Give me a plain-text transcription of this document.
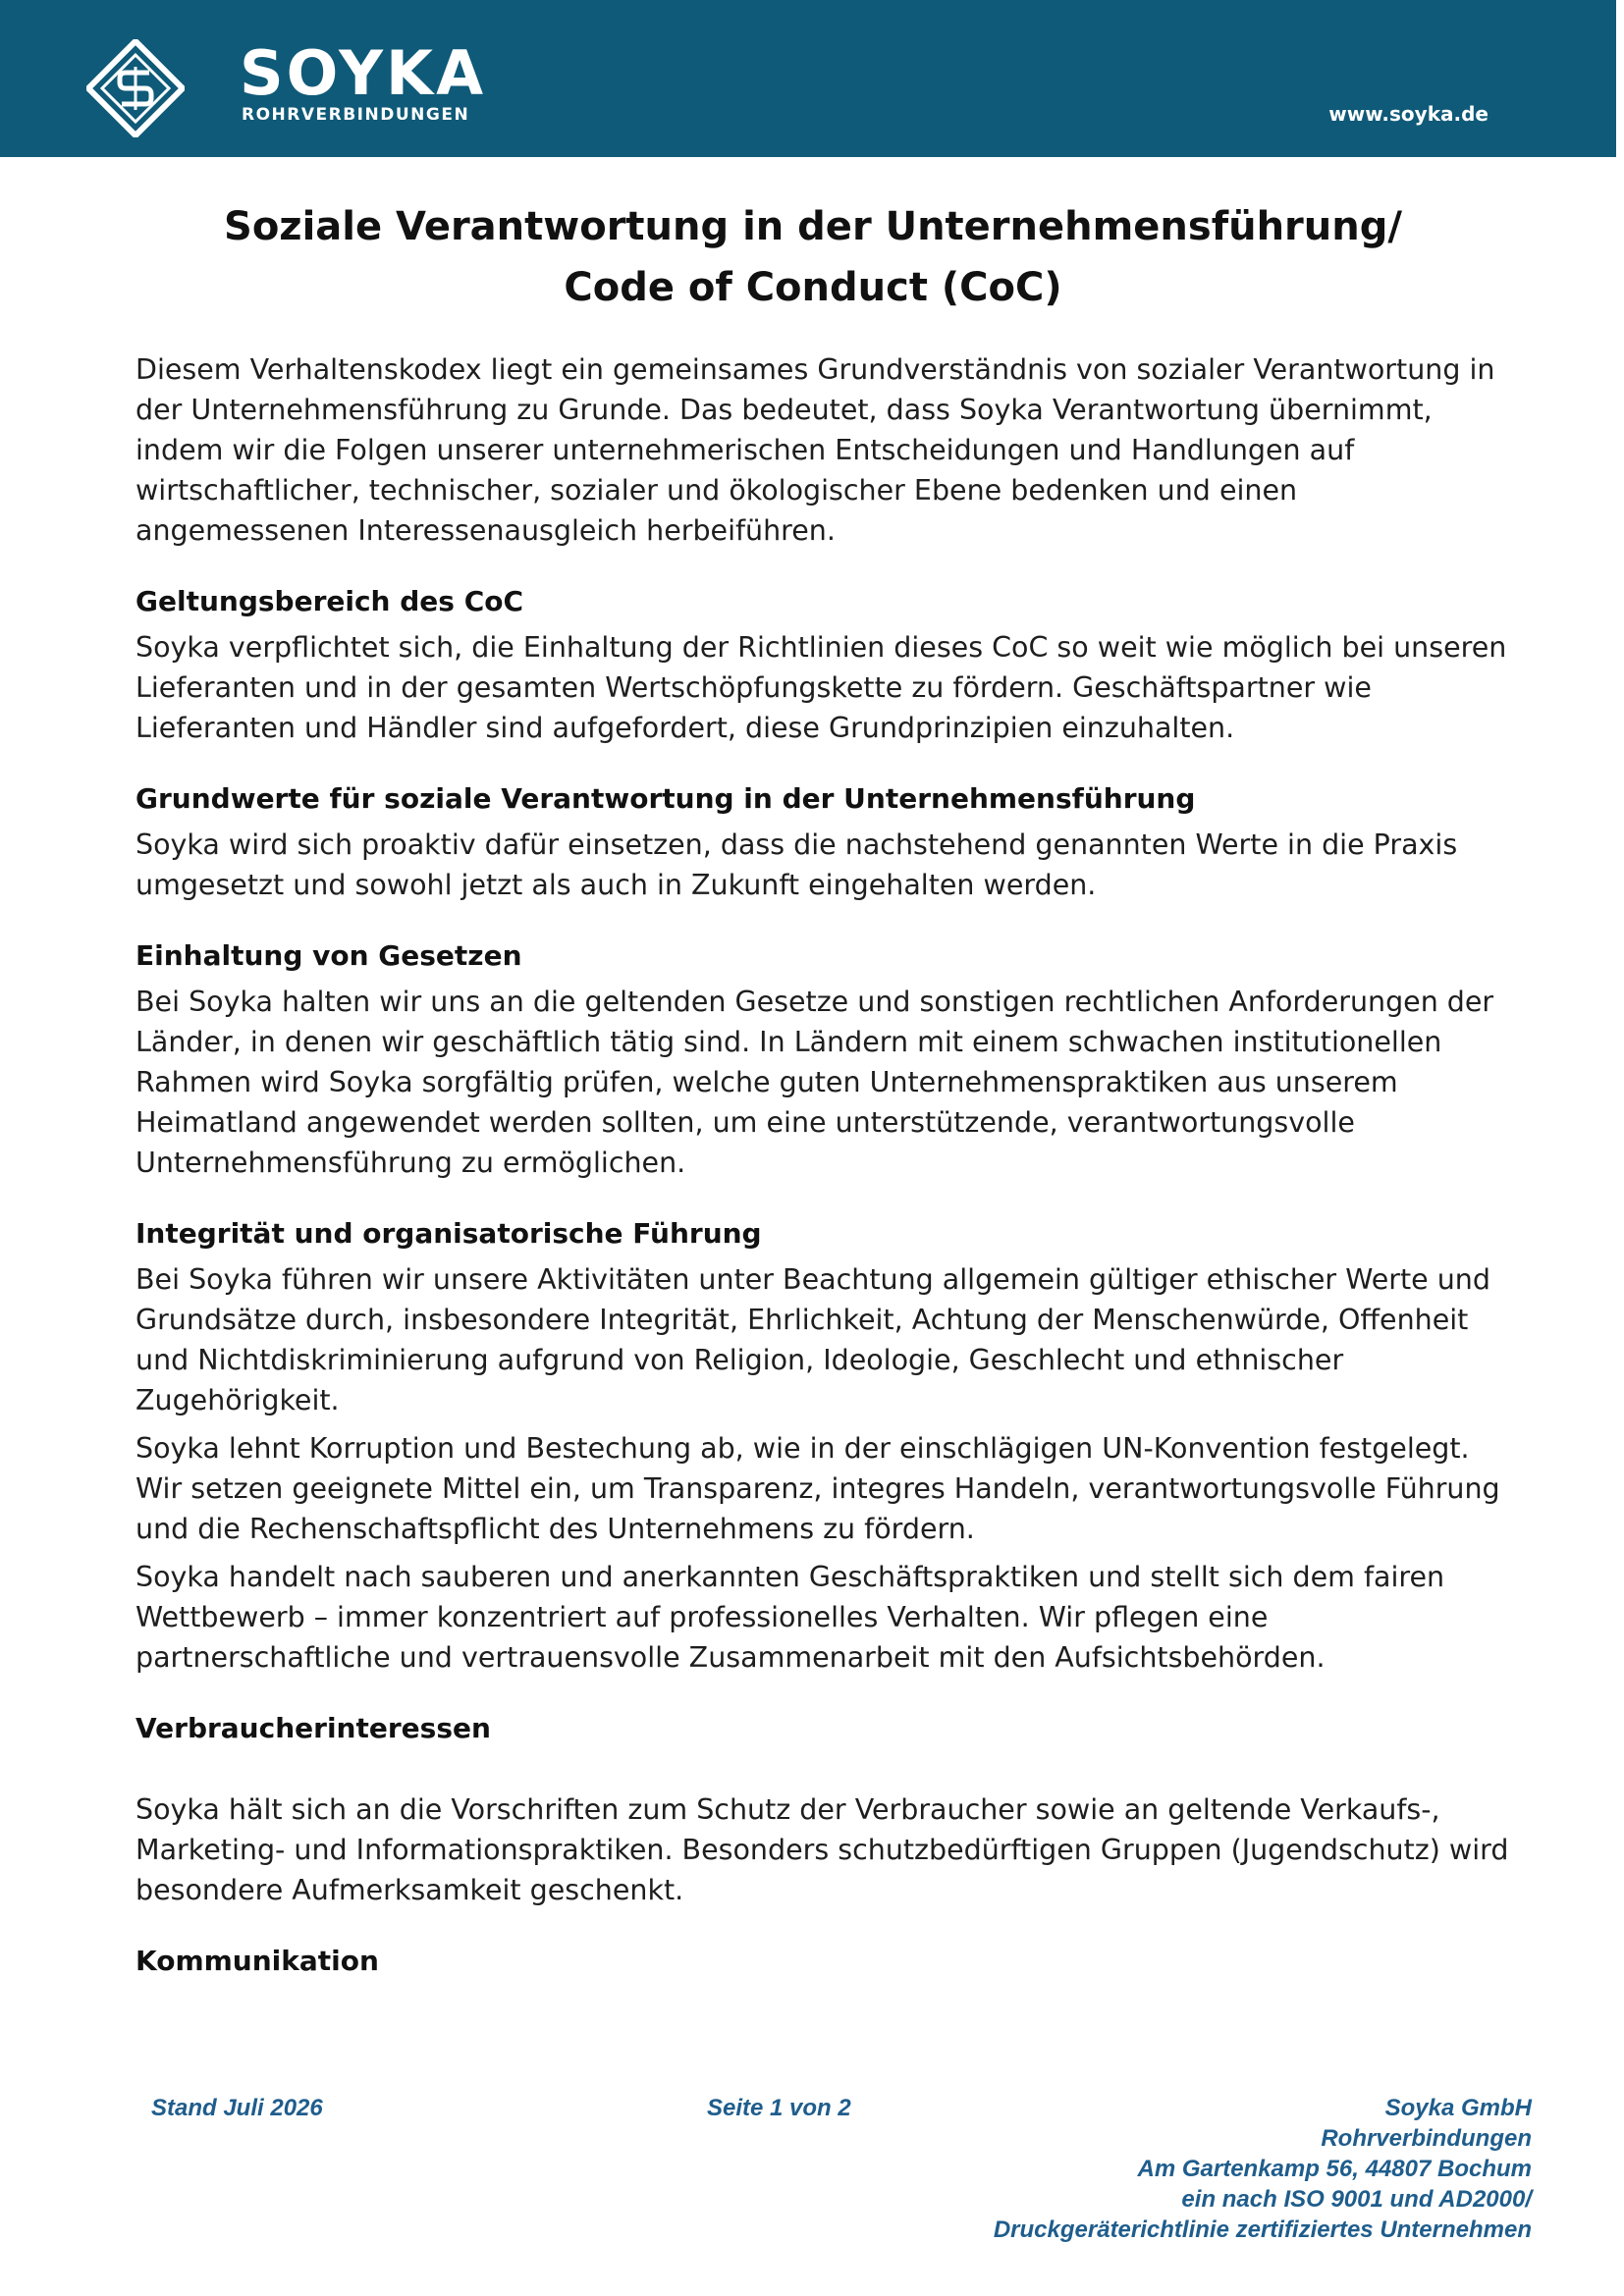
SOYKA
ROHRVERBINDUNGEN	www.soyka.de
Soziale Verantwortung in der Unternehmensführung/
Code of Conduct (CoC)

Diesem Verhaltenskodex liegt ein gemeinsames Grundverständnis von sozialer Verantwortung in der Unternehmensführung zu Grunde. Das bedeutet, dass Soyka Verantwortung übernimmt, indem wir die Folgen unserer unternehmerischen Entscheidungen und Handlungen auf wirtschaftlicher, technischer, sozialer und ökologischer Ebene bedenken und einen angemessenen Interessenausgleich herbeiführen.

Geltungsbereich des CoC

Soyka verpflichtet sich, die Einhaltung der Richtlinien dieses CoC so weit wie möglich bei unseren Lieferanten und in der gesamten Wertschöpfungskette zu fördern. Geschäftspartner wie Lieferanten und Händler sind aufgefordert, diese Grundprinzipien einzuhalten.

Grundwerte für soziale Verantwortung in der Unternehmensführung

Soyka wird sich proaktiv dafür einsetzen, dass die nachstehend genannten Werte in die Praxis umgesetzt und sowohl jetzt als auch in Zukunft eingehalten werden.

Einhaltung von Gesetzen

Bei Soyka halten wir uns an die geltenden Gesetze und sonstigen rechtlichen Anforderungen der Länder, in denen wir geschäftlich tätig sind. In Ländern mit einem schwachen institutionellen Rahmen wird Soyka sorgfältig prüfen, welche guten Unternehmenspraktiken aus unserem Heimatland angewendet werden sollten, um eine unterstützende, verantwortungsvolle Unternehmensführung zu ermöglichen.

Integrität und organisatorische Führung

Bei Soyka führen wir unsere Aktivitäten unter Beachtung allgemein gültiger ethischer Werte und Grundsätze durch, insbesondere Integrität, Ehrlichkeit, Achtung der Menschenwürde, Offenheit und Nichtdiskriminierung aufgrund von Religion, Ideologie, Geschlecht und ethnischer Zugehörigkeit.

Soyka lehnt Korruption und Bestechung ab, wie in der einschlägigen UN-Konvention festgelegt. Wir setzen geeignete Mittel ein, um Transparenz, integres Handeln, verantwortungsvolle Führung und die Rechenschaftspflicht des Unternehmens zu fördern.

Soyka handelt nach sauberen und anerkannten Geschäftspraktiken und stellt sich dem fairen Wettbewerb – immer konzentriert auf professionelles Verhalten. Wir pflegen eine partnerschaftliche und vertrauensvolle Zusammenarbeit mit den Aufsichtsbehörden.

Verbraucherinteressen

Soyka hält sich an die Vorschriften zum Schutz der Verbraucher sowie an geltende Verkaufs-, Marketing- und Informationspraktiken. Besonders schutzbedürftigen Gruppen (Jugendschutz) wird besondere Aufmerksamkeit geschenkt.

Kommunikation
Stand Juli 2026	Seite 1 von 2	Soyka GmbH
Rohrverbindungen
Am Gartenkamp 56, 44807 Bochum
ein nach ISO 9001 und AD2000/
Druckgeräterichtlinie zertifiziertes Unternehmen
